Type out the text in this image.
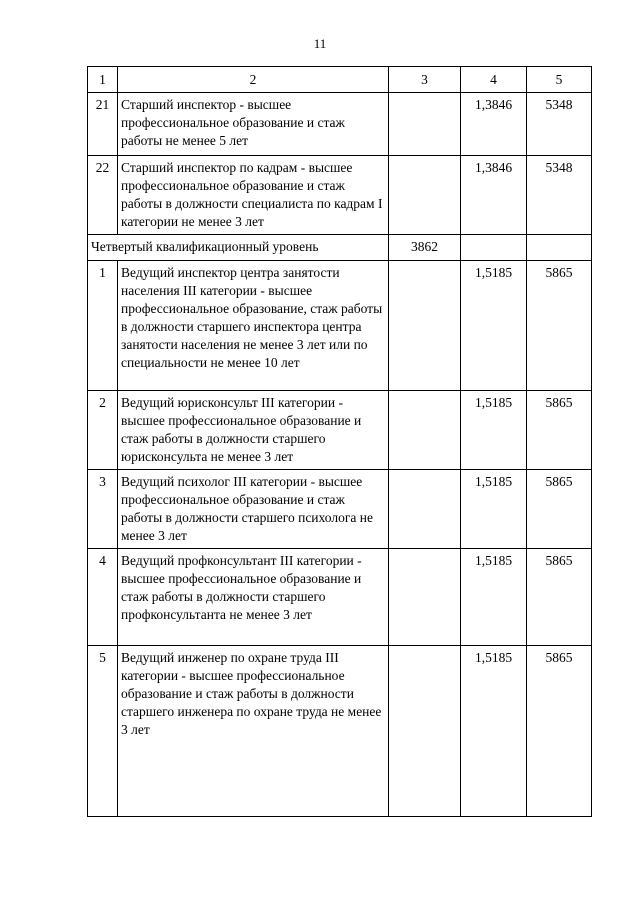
11
1	2	3	4	5
21	Старший инспектор - высшее профессиональное образование и стаж работы не менее 5 лет		1,3846	5348
22	Старший инспектор по кадрам - высшее профессиональное образование и стаж работы в должности специалиста по кадрам I категории не менее 3 лет		1,3846	5348
Четвертый квалификационный уровень		3862		
1	Ведущий инспектор центра занятости населения III категории - высшее профессиональное образование, стаж работы в должности старшего инспектора центра занятости населения не менее 3 лет или по специальности не менее 10 лет		1,5185	5865
2	Ведущий юрисконсульт III категории - высшее профессиональное образование и стаж работы в должности старшего юрисконсульта не менее 3 лет		1,5185	5865
3	Ведущий психолог III категории - высшее профессиональное образование и стаж работы в должности старшего психолога не менее 3 лет		1,5185	5865
4	Ведущий профконсультант III категории - высшее профессиональное образование и стаж работы в должности старшего профконсультанта не менее 3 лет		1,5185	5865
5	Ведущий инженер по охране труда III категории - высшее профессиональное образование и стаж работы в должности старшего инженера по охране труда не менее 3 лет		1,5185	5865
